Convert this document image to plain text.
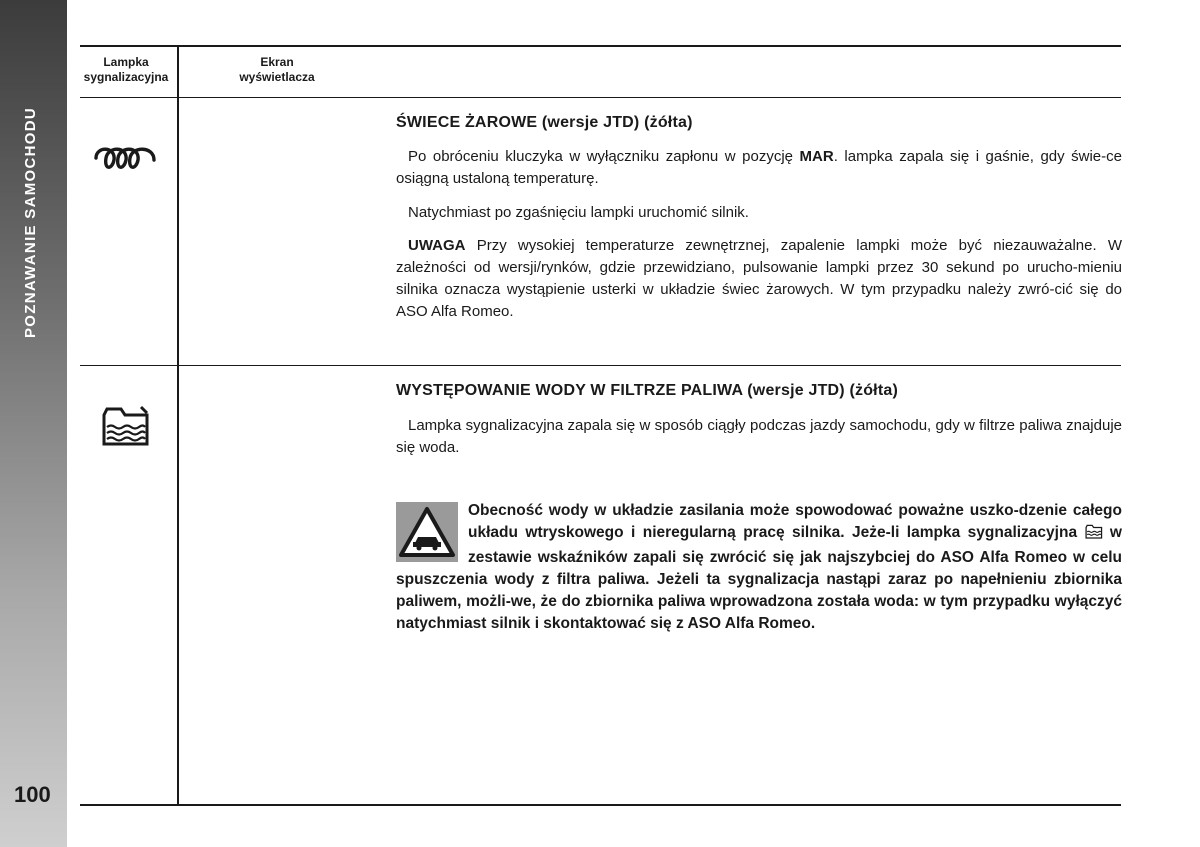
POZNAWANIE SAMOCHODU
100
Lampka
sygnalizacyjna
Ekran
wyświetlacza
ŚWIECE ŻAROWE (wersje JTD) (żółta)

Po obróceniu kluczyka w wyłączniku zapłonu w pozycję MAR. lampka zapala się i gaśnie, gdy świe-ce osiągną ustaloną temperaturę.

Natychmiast po zgaśnięciu lampki uruchomić silnik.

UWAGA Przy wysokiej temperaturze zewnętrznej, zapalenie lampki może być niezauważalne. W zależności od wersji/rynków, gdzie przewidziano, pulsowanie lampki przez 30 sekund po urucho-mieniu silnika oznacza wystąpienie usterki w układzie świec żarowych. W tym przypadku należy zwró-cić się do ASO Alfa Romeo.

WYSTĘPOWANIE WODY W FILTRZE PALIWA (wersje JTD) (żółta)

Lampka sygnalizacyjna zapala się w sposób ciągły podczas jazdy samochodu, gdy w filtrze paliwa znajduje się woda.

Obecność wody w układzie zasilania może spowodować poważne uszko-dzenie całego układu wtryskowego i nieregularną pracę silnika. Jeże-li lampka sygnalizacyjna  w zestawie wskaźników zapali się zwrócić się jak najszybciej do ASO Alfa Romeo w celu spuszczenia wody z filtra paliwa. Jeżeli ta sygnalizacja nastąpi zaraz po napełnieniu zbiornika paliwem, możli-we, że do zbiornika paliwa wprowadzona została woda: w tym przypadku wyłączyć natychmiast silnik i skontaktować się z ASO Alfa Romeo.
